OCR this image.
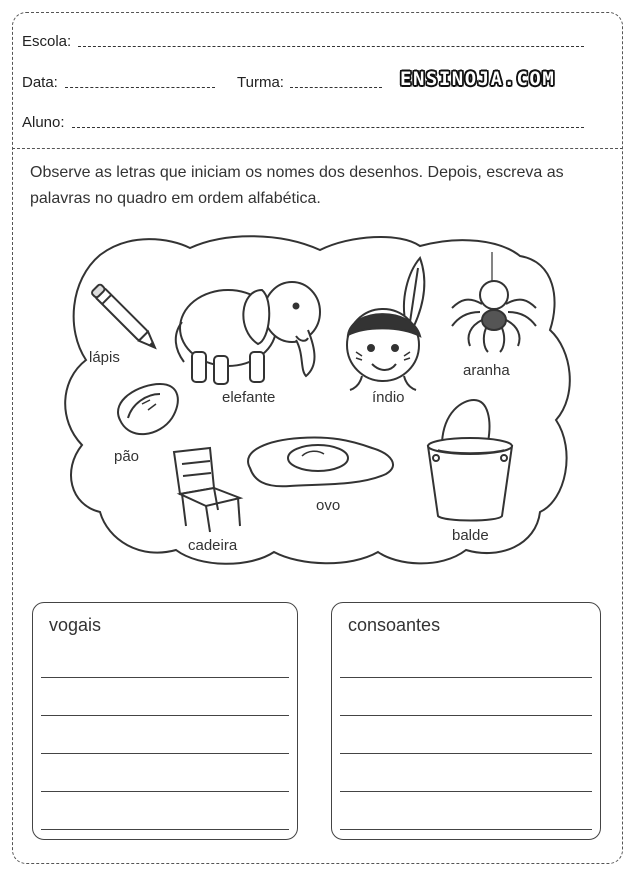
Escola:
Data:	Turma:	ENSINOJA.COM
Aluno:
Observe as letras que iniciam os nomes dos desenhos. Depois, escreva as palavras no quadro em ordem alfabética.
lápis
elefante	índio
aranha
pão
ovo
cadeira
balde
vogais	consoantes
